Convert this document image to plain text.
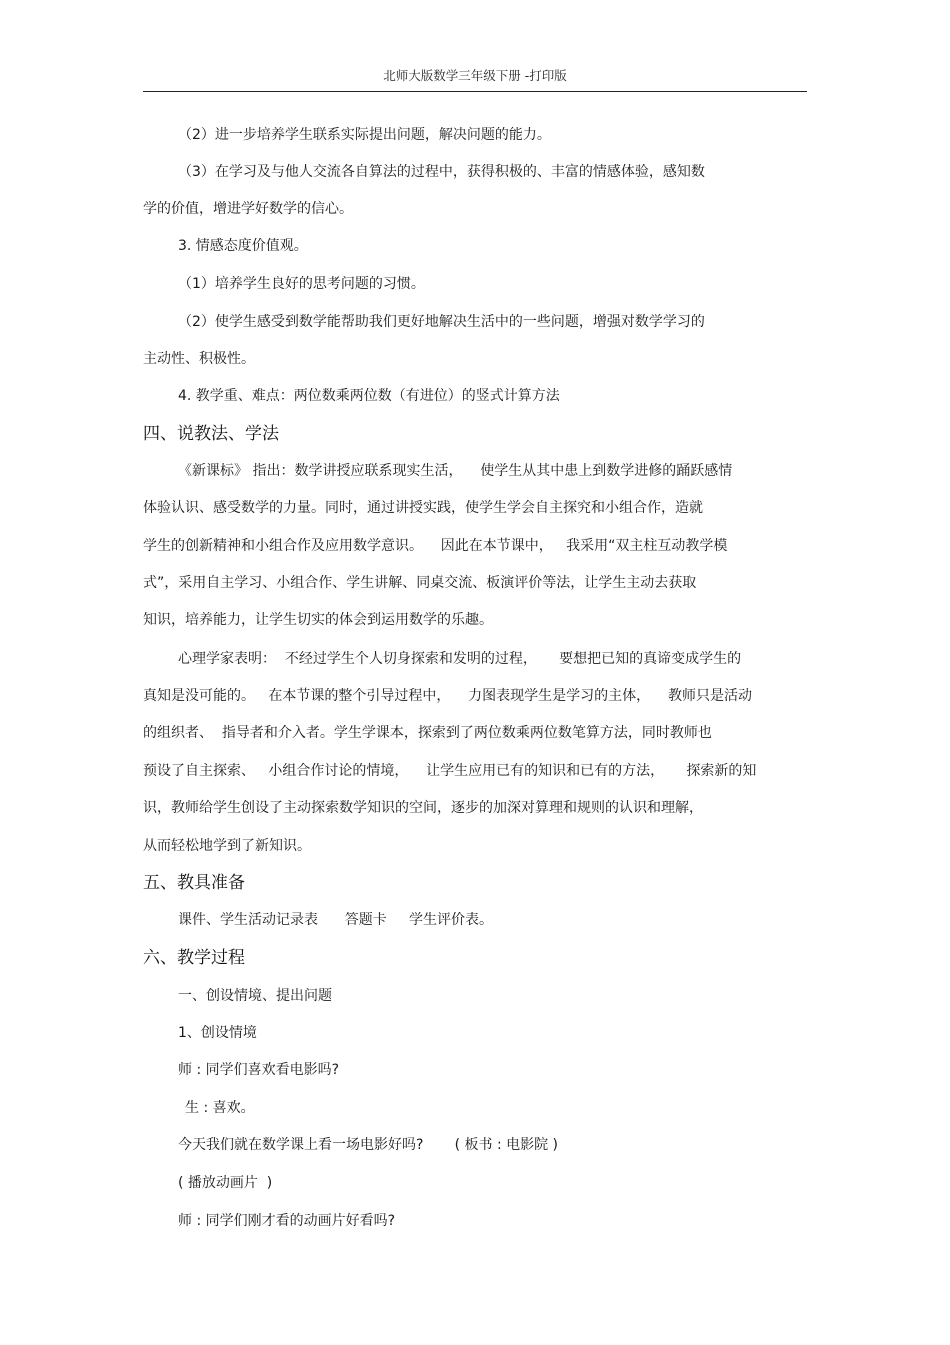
北师大版数学三年级下册 -打印版
（2）进一步培养学生联系实际提出问题，解决问题的能力。
（3）在学习及与他人交流各自算法的过程中，获得积极的、丰富的情感体验，感知数
学的价值，增进学好数学的信心。
3. 情感态度价值观。
（1）培养学生良好的思考问题的习惯。
（2）使学生感受到数学能帮助我们更好地解决生活中的一些问题，增强对数学学习的
主动性、积极性。
4. 教学重、难点：两位数乘两位数（有进位）的竖式计算方法
四、说教法、学法
《新课标》 指出：数学讲授应联系现实生活，    使学生从其中患上到数学进修的踊跃感情
体验认识、感受数学的力量。同时，通过讲授实践，使学生学会自主探究和小组合作，造就
学生的创新精神和小组合作及应用数学意识。    因此在本节课中，   我采用“双主柱互动教学模
式”，采用自主学习、小组合作、学生讲解、同桌交流、板演评价等法，让学生主动去获取
知识，培养能力，让学生切实的体会到运用数学的乐趣。
心理学家表明：  不经过学生个人切身探索和发明的过程，     要想把已知的真谛变成学生的
真知是没可能的。   在本节课的整个引导过程中，    力图表现学生是学习的主体，    教师只是活动
的组织者、  指导者和介入者。学生学课本，探索到了两位数乘两位数笔算方法，同时教师也
预设了自主探索、   小组合作讨论的情境，    让学生应用已有的知识和已有的方法，     探索新的知
识，教师给学生创设了主动探索数学知识的空间，逐步的加深对算理和规则的认识和理解，
从而轻松地学到了新知识。
五、教具准备
课件、学生活动记录表      答题卡     学生评价表。
六、教学过程
一、创设情境、提出问题
1、创设情境
师 : 同学们喜欢看电影吗?
生 : 喜欢。
今天我们就在数学课上看一场电影好吗?       ( 板书 : 电影院 )
( 播放动画片  )
师 : 同学们刚才看的动画片好看吗?
